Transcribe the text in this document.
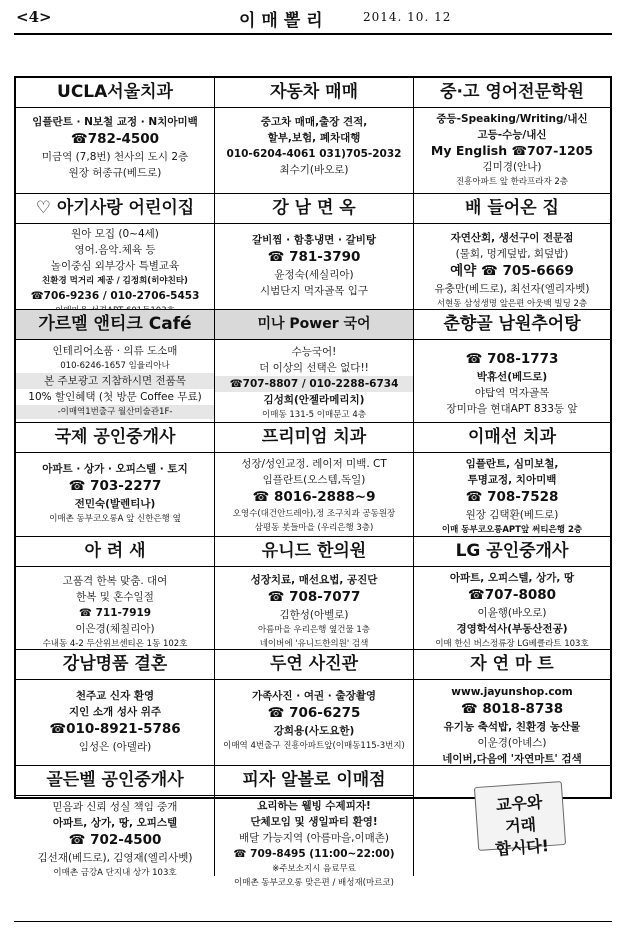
<4>	이매뽈리	2014. 10. 12
UCLA서울치과
임플란트 · N보철 교정 · N치아미백
☎782-4500
미금역 (7,8번) 천사의 도시 2층
원장 허종규(베드로)
자동차 매매
중고차 매매,출장 견적,
할부,보험, 폐차대행
010-6204-4061 031)705-2032
최수기(바오로)
중·고 영어전문학원
중등-Speaking/Writing/내신
고등-수능/내신
My English ☎707-1205
김미경(안나)
진흥아파트 앞 한라프라자 2층
♡ 아기사랑 어린이집
원아 모집 (0~4세)
영어.음악.체육 등
놀이중심 외부강사 특별교육
친환경 먹거리 제공 / 김정희(히야친타)
☎706-9236 / 010-2706-5453
강 남 면 옥
갈비찜 · 함흥냉면 · 갈비탕
☎ 781-3790
윤정숙(세실리아)
시범단지 먹자골목 입구
배 들어온 집
자연산회, 생선구이 전문점
(물회, 멍게덮밥, 회덮밥)
예약 ☎ 705-6669
유충만(베드로), 최선자(엘리자벳)
서현동 삼성생명 앞은편 아웃백 빌딩 2층
가르멜 앤티크 Café
인테리어소품 · 의류 도소매
010-6246-1657 임율리아나
본 주보광고 지참하시면 전품목
10% 할인혜택 (첫 방문 Coffee 무료)
-이매역1번출구 월산미술관1F-
미나 Power 국어
수능국어!
더 이상의 선택은 없다!!
☎707-8807 / 010-2288-6734
김성희(안젤라메리치)
이매동 131-5 이매문고 4층
춘향골 남원추어탕
☎ 708-1773
박휴선(베드로)
야탑역 먹자골목
장미마을 현대APT 833동 앞
국제 공인중개사
아파트 · 상가 · 오피스텔 · 토지
☎ 703-2277
전민숙(발렌티나)
이매촌 동부코오롱A 앞 신한은행 옆
프리미엄 치과
성장/성인교정. 레이저 미백. CT
임플란트(오스템,독일)
☎ 8016-2888~9
오영수(대건안드레아),정 조구치과 공동원장
삼평동 봇들마을 (우리은행 3층)
이매선 치과
임플란트, 심미보철,
투명교정, 치아미백
☎ 708-7528
원장 김택환(베드로)
이매 동부코오롱APT앞 써티은행 2층
아 려 새
고품격 한복 맞춤. 대여
한복 및 혼수일절
☎ 711-7919
이은경(체칠리아)
수내동 4-2 두산위브센티온 1동 102호
유니드 한의원
성장치료, 매선요법, 공진단
☎ 708-7077
김한성(아벨로)
아름마을 우리은행 옆건물 1층
네이버에 '유니드한의원' 검색
LG 공인중개사
아파트, 오피스텔, 상가, 땅
☎707-8080
이윤행(바오로)
경영학석사(부동산전공)
이매 한신 버스정류장 LG베클라트 103호
강남명품 결혼
천주교 신자 환영
지인 소개 성사 위주
☎010-8921-5786
임성은 (아델라)
두연 사진관
가족사진 · 여권 · 출장촬영
☎ 706-6275
강희용(사도요한)
이매역 4번출구 진흥아파트앞(이매동115-3번지)
자 연 마 트
www.jayunshop.com
☎ 8018-8738
유기농 축석밥, 친환경 농산물
이운경(아녜스)
네이버,다음에 '자연마트' 검색
골든벨 공인중개사
믿음과 신뢰 성실 책임 중개
아파트, 상가, 땅, 오피스텔
☎ 702-4500
김선재(베드로), 김영재(엘리사벳)
이매촌 금강A 단지내 상가 103호
피자 알볼로 이매점
요리하는 웰빙 수제피자!
단체모임 및 생일파티 환영!
배달 가능지역 (아름마을,이매촌)
☎ 709-8495 (11:00~22:00)
※주보소지시 음료무료
이매촌 동부코오롱 맞은편 / 배성재(마르코)
교우와
거래
합시다!
